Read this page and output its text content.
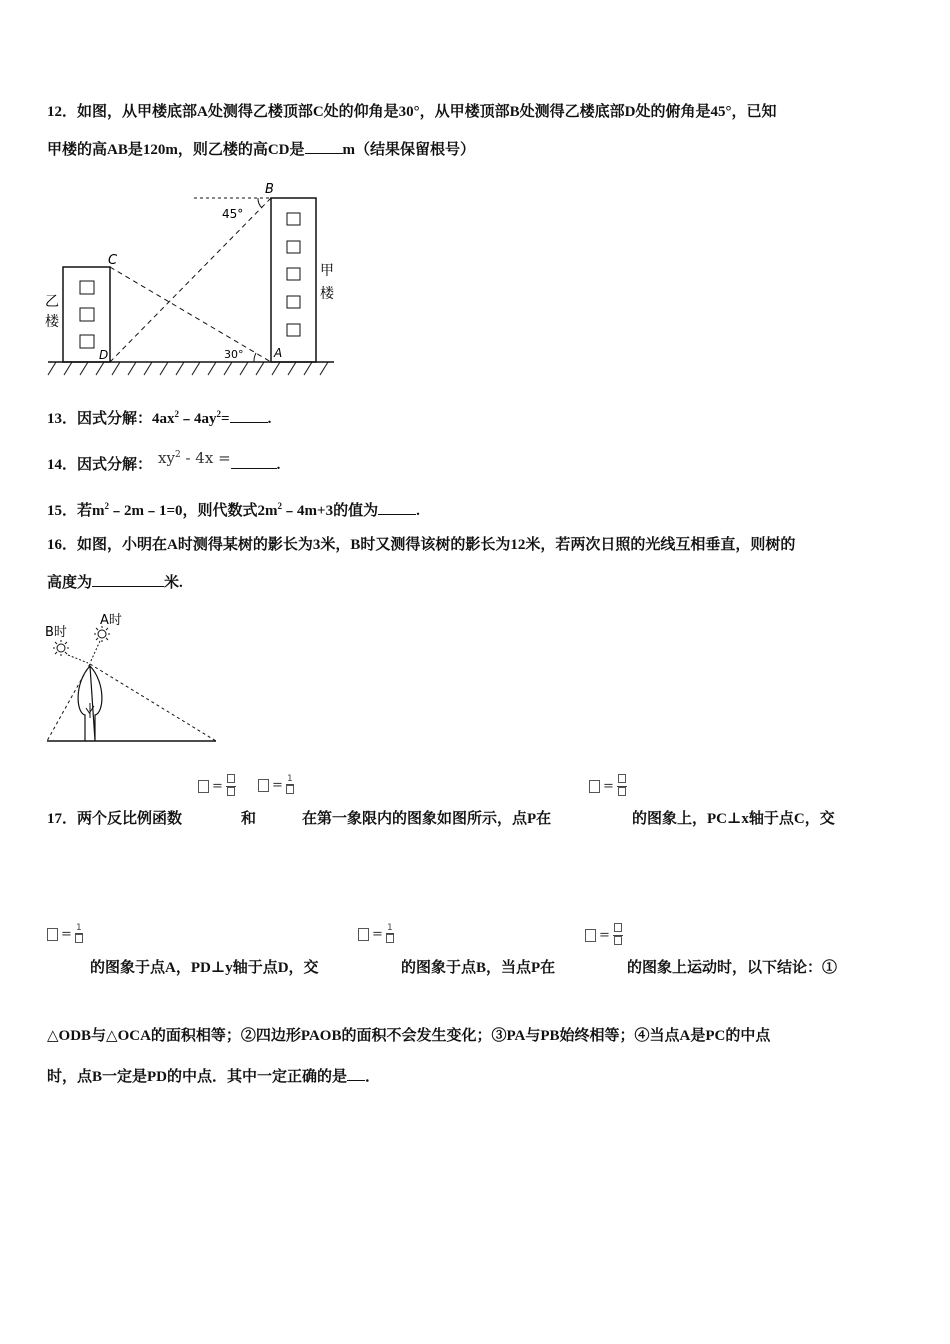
12．如图，从甲楼底部A处测得乙楼顶部C处的仰角是30°，从甲楼顶部B处测得乙楼底部D处的俯角是45°，已知
甲楼的高AB是120m，则乙楼的高CD是	m（结果保留根号）
B
C
D	A
45°
30°
甲
楼
乙
楼
13．因式分解：$4ax^2﹣4ay^2=$	.
14．因式分解： $xy^2 - 4x$ =	.
15．若$m^2﹣2m﹣1=0$，则代数式$2m^2﹣4m+3$的值为	.
16．如图，小明在A时测得某树的影长为3米，B时又测得该树的影长为12米，若两次日照的光线互相垂直，则树的
高度为	米.
B时
A时
=	= 1	=
17．两个反比例函数	和	在第一象限内的图象如图所示，点P在	的图象上，PC⊥x轴于点C，交
= 1	= 1	=
的图象于点A，PD⊥y轴于点D，交	的图象于点B，当点P在	的图象上运动时，以下结论：①
△ODB与△OCA的面积相等；②四边形PAOB的面积不会发生变化；③PA与PB始终相等；④当点A是PC的中点
时，点B一定是PD的中点．其中一定正确的是 ．
